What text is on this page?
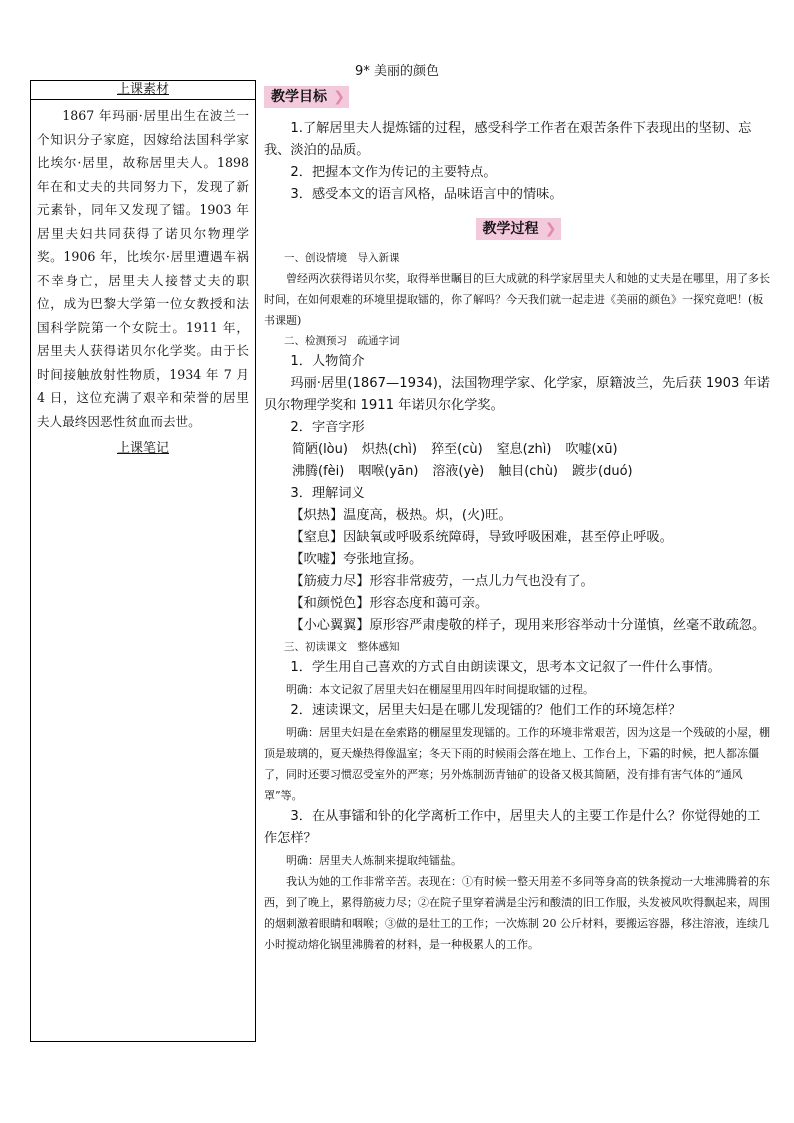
9* 美丽的颜色
上课素材

1867 年玛丽·居里出生在波兰一个知识分子家庭，因嫁给法国科学家比埃尔·居里，故称居里夫人。1898 年在和丈夫的共同努力下，发现了新元素钋，同年又发现了镭。1903 年居里夫妇共同获得了诺贝尔物理学奖。1906 年，比埃尔·居里遭遇车祸不幸身亡，居里夫人接替丈夫的职位，成为巴黎大学第一位女教授和法国科学院第一个女院士。1911 年，居里夫人获得诺贝尔化学奖。由于长时间接触放射性物质，1934 年 7 月 4 日，这位充满了艰辛和荣誉的居里夫人最终因恶性贫血而去世。

上课笔记
教学目标 ❯

1.了解居里夫人提炼镭的过程，感受科学工作者在艰苦条件下表现出的坚韧、忘我、淡泊的品质。

2．把握本文作为传记的主要特点。

3．感受本文的语言风格，品味语言中的情味。

教学过程 ❯

一、创设情境　导入新课

曾经两次获得诺贝尔奖，取得举世瞩目的巨大成就的科学家居里夫人和她的丈夫是在哪里，用了多长时间，在如何艰难的环境里提取镭的，你了解吗？今天我们就一起走进《美丽的颜色》一探究竟吧！(板书课题)

二、检测预习　疏通字词

1．人物简介

玛丽·居里(1867—1934)，法国物理学家、化学家，原籍波兰，先后获 1903 年诺贝尔物理学奖和 1911 年诺贝尔化学奖。

2．字音字形

简陋(lòu) 炽热(chì) 猝至(cù) 窒息(zhì) 吹嘘(xū)
沸腾(fèi) 咽喉(yān) 溶液(yè) 触目(chù) 踱步(duó)

3．理解词义

【炽热】温度高，极热。炽，(火)旺。

【窒息】因缺氧或呼吸系统障碍，导致呼吸困难，甚至停止呼吸。

【吹嘘】夸张地宣扬。

【筋疲力尽】形容非常疲劳，一点儿力气也没有了。

【和颜悦色】形容态度和蔼可亲。

【小心翼翼】原形容严肃虔敬的样子，现用来形容举动十分谨慎，丝毫不敢疏忽。

三、初读课文　整体感知

1．学生用自己喜欢的方式自由朗读课文，思考本文记叙了一件什么事情。

明确：本文记叙了居里夫妇在棚屋里用四年时间提取镭的过程。

2．速读课文，居里夫妇是在哪儿发现镭的？他们工作的环境怎样？

明确：居里夫妇是在垒索路的棚屋里发现镭的。工作的环境非常艰苦，因为这是一个残破的小屋，棚顶是玻璃的，夏天燥热得像温室；冬天下雨的时候雨会落在地上、工作台上，下霜的时候，把人都冻僵了，同时还要习惯忍受室外的严寒；另外炼制沥青铀矿的设备又极其简陋，没有排有害气体的“通风罩”等。

3．在从事镭和钋的化学离析工作中，居里夫人的主要工作是什么？你觉得她的工作怎样？

明确：居里夫人炼制来提取纯镭盐。

我认为她的工作非常辛苦。表现在：①有时候一整天用差不多同等身高的铁条搅动一大堆沸腾着的东西，到了晚上，累得筋疲力尽；②在院子里穿着满是尘污和酸渍的旧工作服，头发被风吹得飘起来，周围的烟刺激着眼睛和咽喉；③做的是壮工的工作；一次炼制 20 公斤材料，要搬运容器，移注溶液，连续几小时搅动熔化锅里沸腾着的材料，是一种极累人的工作。
